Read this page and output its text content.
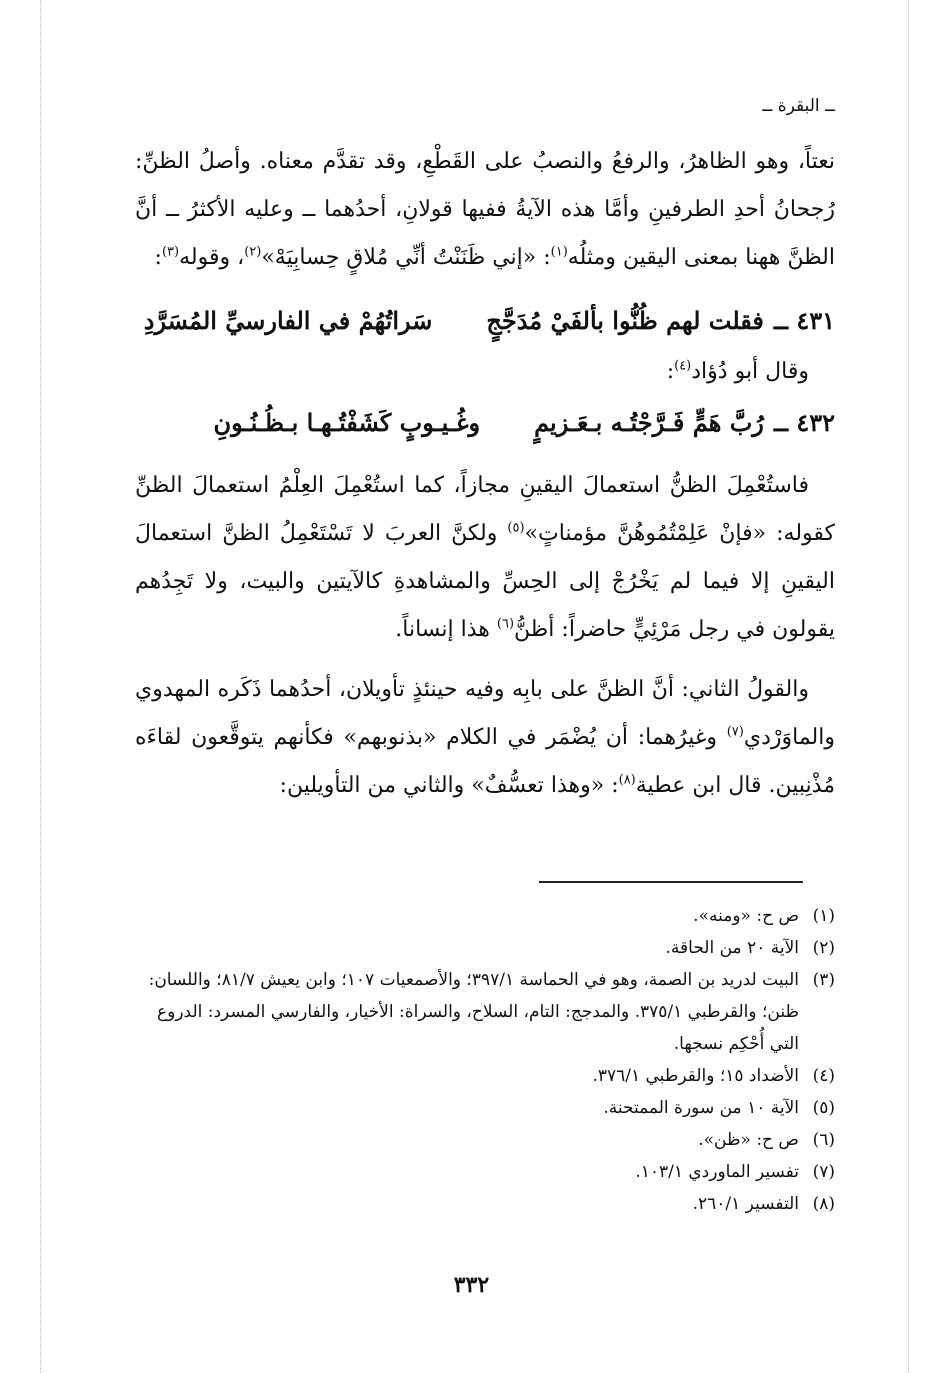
ــ البقرة ــ

نعتاً، وهو الظاهرُ، والرفعُ والنصبُ على القَطْعِ، وقد تقدَّم معناه. وأصلُ الظنِّ: رُجحانُ أحدِ الطرفينِ وأمَّا هذه الآيةُ ففيها قولانِ، أحدُهما ــ وعليه الأكثرُ ــ أنَّ الظنَّ ههنا بمعنى اليقين ومثلُه$^{(١)}$: «إني ظَنَنْتُ أنِّي مُلاقٍ حِسابِيَهْ»$^{(٢)}$، وقوله$^{(٣)}$:

٤٣١ ــ
فقلت لهم ظُنُّوا بألفَيْ مُدَجَّجٍ
سَراتُهُمْ في الفارسيِّ المُسَرَّدِ

وقال أبو دُؤاد$^{(٤)}$:

٤٣٢ ــ
رُبَّ هَمٍّ فَـرَّجْتُـه بـعَـزيمٍ
وغُـيـوبٍ كَشَفْتُـهـا بـظُـنُـونِ

فاستُعْمِلَ الظنُّ استعمالَ اليقينِ مجازاً، كما استُعْمِلَ العِلْمُ استعمالَ الظنِّ كقوله: «فإنْ عَلِمْتُمُوهُنَّ مؤمناتٍ»$^{(٥)}$ ولكنَّ العربَ لا تَسْتَعْمِلُ الظنَّ استعمالَ اليقينِ إلا فيما لم يَخْرُجْ إلى الحِسِّ والمشاهدةِ كالآيتين والبيت، ولا تَجِدُهم يقولون في رجل مَرْئِيٍّ حاضراً: أظنُّ$^{(٦)}$ هذا إنساناً.

والقولُ الثاني: أنَّ الظنَّ على بابِه وفيه حينئذٍ تأويلان، أحدُهما ذَكَره المهدوي والماوَرْدي$^{(٧)}$ وغيرُهما: أن يُضْمَر في الكلام «بذنوبهم» فكأنهم يتوقَّعون لقاءَه مُذْنِبين. قال ابن عطية$^{(٨)}$: «وهذا تعسُّفٌ» والثاني من التأويلين:

(١)
ص ح: «ومنه».
(٢)
الآية ٢٠ من الحاقة.
(٣)
البيت لدريد بن الصمة، وهو في الحماسة ٣٩٧/١؛ والأصمعيات ١٠٧؛ وابن يعيش ٨١/٧؛ واللسان: ظنن؛ والقرطبي ٣٧٥/١. والمدجج: التام، السلاح، والسراة: الأخيار، والفارسي المسرد: الدروع التي أُحْكِم نسجها.
(٤)
الأضداد ١٥؛ والقرطبي ٣٧٦/١.
(٥)
الآية ١٠ من سورة الممتحنة.
(٦)
ص ح: «ظن».
(٧)
تفسير الماوردي ١٠٣/١.
(٨)
التفسير ٢٦٠/١.
٣٣٢
